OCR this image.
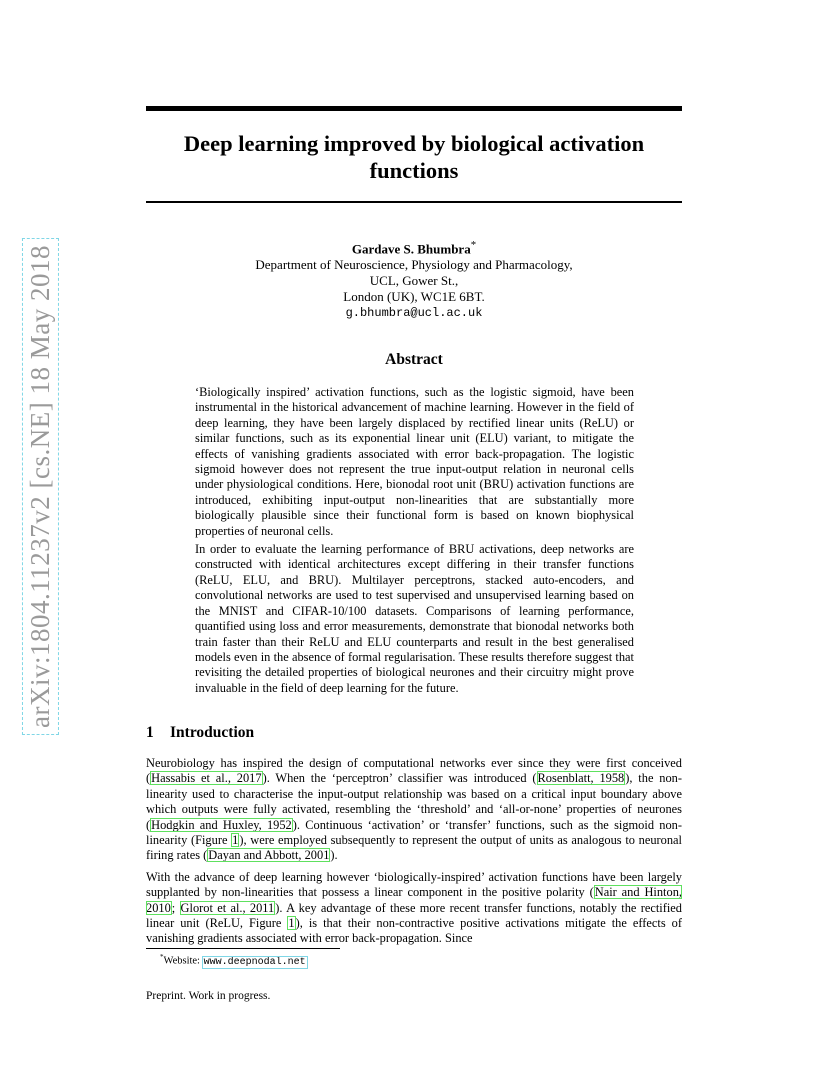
arXiv:1804.11237v2 [cs.NE] 18 May 2018
Deep learning improved by biological activation functions
Gardave S. Bhumbra*
Department of Neuroscience, Physiology and Pharmacology,
UCL, Gower St.,
London (UK), WC1E 6BT.
g.bhumbra@ucl.ac.uk
Abstract

‘Biologically inspired’ activation functions, such as the logistic sigmoid, have been instrumental in the historical advancement of machine learning. However in the field of deep learning, they have been largely displaced by rectified linear units (ReLU) or similar functions, such as its exponential linear unit (ELU) variant, to mitigate the effects of vanishing gradients associated with error back-propagation. The logistic sigmoid however does not represent the true input-output relation in neuronal cells under physiological conditions. Here, bionodal root unit (BRU) activation functions are introduced, exhibiting input-output non-linearities that are substantially more biologically plausible since their functional form is based on known biophysical properties of neuronal cells.

In order to evaluate the learning performance of BRU activations, deep networks are constructed with identical architectures except differing in their transfer functions (ReLU, ELU, and BRU). Multilayer perceptrons, stacked auto-encoders, and convolutional networks are used to test supervised and unsupervised learning based on the MNIST and CIFAR-10/100 datasets. Comparisons of learning performance, quantified using loss and error measurements, demonstrate that bionodal networks both train faster than their ReLU and ELU counterparts and result in the best generalised models even in the absence of formal regularisation. These results therefore suggest that revisiting the detailed properties of biological neurones and their circuitry might prove invaluable in the field of deep learning for the future.

1 Introduction

Neurobiology has inspired the design of computational networks ever since they were first conceived (Hassabis et al., 2017). When the ‘perceptron’ classifier was introduced (Rosenblatt, 1958), the non-linearity used to characterise the input-output relationship was based on a critical input boundary above which outputs were fully activated, resembling the ‘threshold’ and ‘all-or-none’ properties of neurones (Hodgkin and Huxley, 1952). Continuous ‘activation’ or ‘transfer’ functions, such as the sigmoid non-linearity (Figure 1), were employed subsequently to represent the output of units as analogous to neuronal firing rates (Dayan and Abbott, 2001).

With the advance of deep learning however ‘biologically-inspired’ activation functions have been largely supplanted by non-linearities that possess a linear component in the positive polarity (Nair and Hinton, 2010; Glorot et al., 2011). A key advantage of these more recent transfer functions, notably the rectified linear unit (ReLU, Figure 1), is that their non-contractive positive activations mitigate the effects of vanishing gradients associated with error back-propagation. Since

*Website: www.deepnodal.net
Preprint. Work in progress.
